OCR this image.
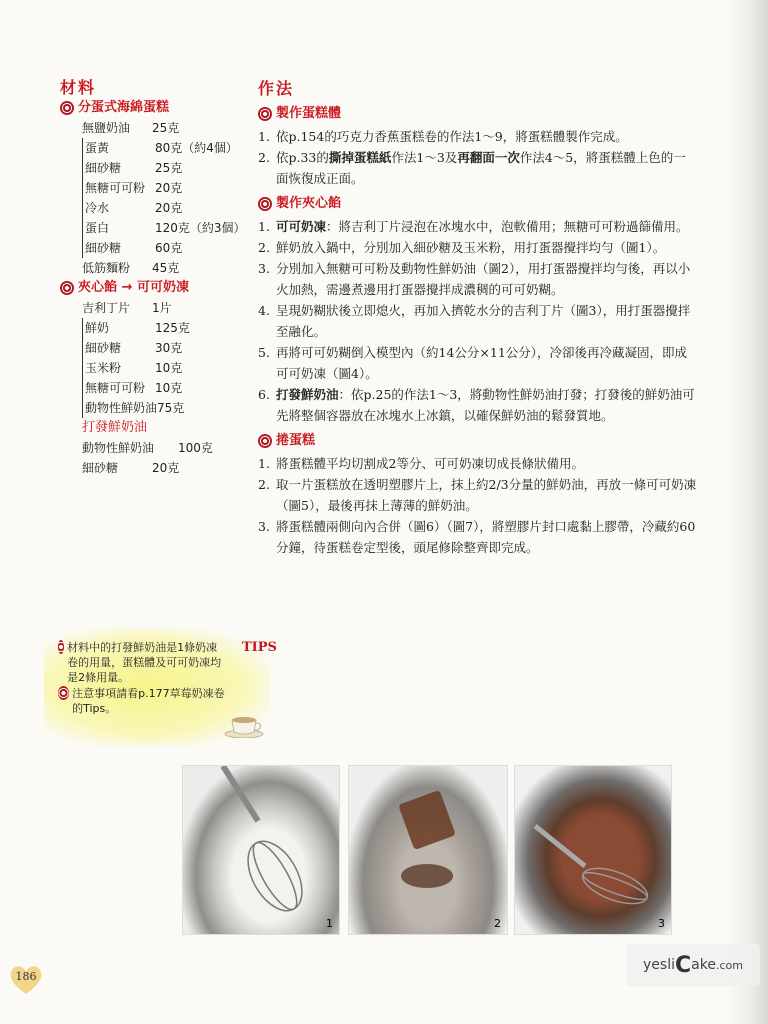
材料
分蛋式海綿蛋糕
無鹽奶油	25克
蛋黃	80克（約4個）
細砂糖	25克
無糖可可粉 20克
冷水	20克
蛋白	120克（約3個）
細砂糖	60克
低筋麵粉	45克
夾心餡 → 可可奶凍
吉利丁片	1片
鮮奶	125克
細砂糖	30克
玉米粉	10克
無糖可可粉 10克
動物性鮮奶油 75克
打發鮮奶油
動物性鮮奶油	100克
細砂糖	20克
作法
製作蛋糕體
1. 依p.154的巧克力香蕉蛋糕卷的作法1～9，將蛋糕體製作完成。
2. 依p.33的撕掉蛋糕紙作法1～3及再翻面一次作法4～5，將蛋糕體上色的一面恢復成正面。
製作夾心餡
1. 可可奶凍：將吉利丁片浸泡在冰塊水中，泡軟備用；無糖可可粉過篩備用。
2. 鮮奶放入鍋中，分別加入細砂糖及玉米粉，用打蛋器攪拌均勻（圖1）。
3. 分別加入無糖可可粉及動物性鮮奶油（圖2），用打蛋器攪拌均勻後，再以小火加熱，需邊煮邊用打蛋器攪拌成濃稠的可可奶糊。
4. 呈現奶糊狀後立即熄火，再加入擠乾水分的吉利丁片（圖3），用打蛋器攪拌至融化。
5. 再將可可奶糊倒入模型內（約14公分×11公分），冷卻後再冷藏凝固，即成可可奶凍（圖4）。
6. 打發鮮奶油：依p.25的作法1～3，將動物性鮮奶油打發；打發後的鮮奶油可先將整個容器放在冰塊水上冰鎮，以確保鮮奶油的鬆發質地。
捲蛋糕
1. 將蛋糕體平均切割成2等分、可可奶凍切成長條狀備用。
2. 取一片蛋糕放在透明塑膠片上，抹上約2/3分量的鮮奶油，再放一條可可奶凍（圖5），最後再抹上薄薄的鮮奶油。
3. 將蛋糕體兩側向內合併（圖6）（圖7），將塑膠片封口處黏上膠帶，冷藏約60分鐘，待蛋糕卷定型後，頭尾修除整齊即完成。
材料中的打發鮮奶油是1條奶凍卷的用量，蛋糕體及可可奶凍均是2條用量。
注意事項請看p.177草莓奶凍卷的Tips。
TIPS
1	2	3
186
yesli C ake .com
